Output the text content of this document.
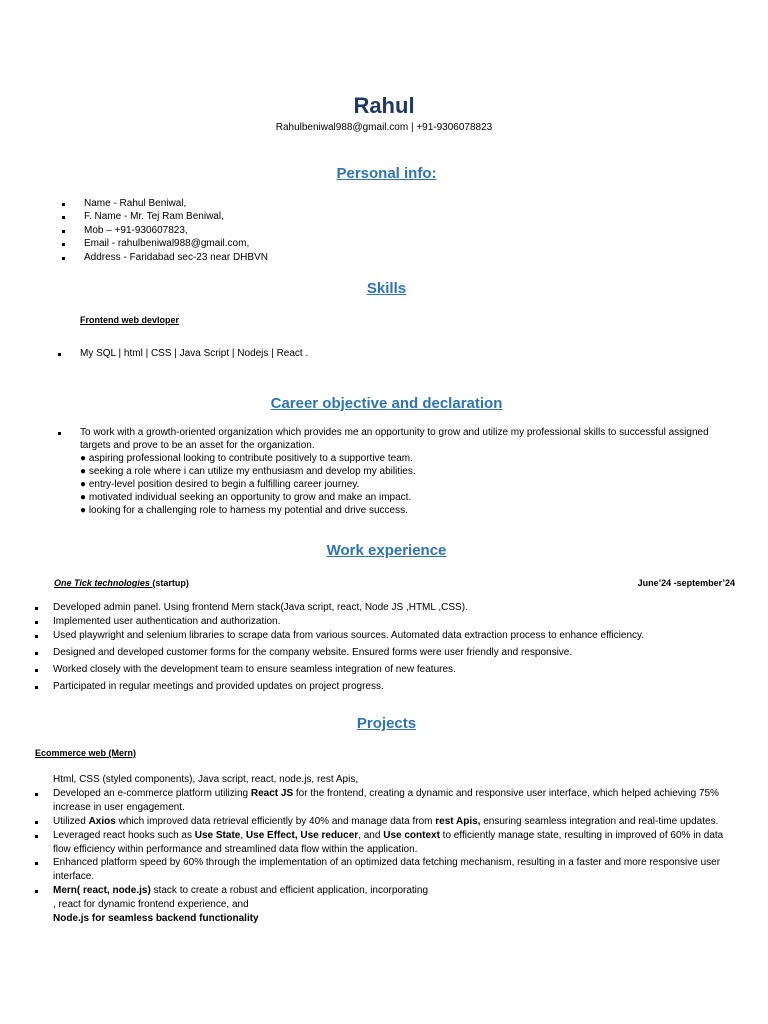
Rahul
Rahulbeniwal988@gmail.com | +91-9306078823
Personal info:
Name - Rahul Beniwal,
F. Name - Mr. Tej Ram Beniwal,
Mob – +91-930607823,
Email - rahulbeniwal988@gmail.com,
Address - Faridabad sec-23 near DHBVN
Skills
Frontend web devloper
My SQL | html | CSS | Java Script | Nodejs | React .
Career objective and declaration
To work with a growth-oriented organization which provides me an opportunity to grow and utilize my professional skills to successful assigned
targets and prove to be an asset for the organization.
● aspiring professional looking to contribute positively to a supportive team.
● seeking a role where i can utilize my enthusiasm and develop my abilities.
● entry-level position desired to begin a fulfilling career journey.
● motivated individual seeking an opportunity to grow and make an impact.
● looking for a challenging role to harness my potential and drive success.
Work experience
One Tick technologies (startup)	June’24 -september’24
Developed admin panel. Using frontend Mern stack(Java script, react, Node JS ,HTML ,CSS).
Implemented user authentication and authorization.
Used playwright and selenium libraries to scrape data from various sources. Automated data extraction process to enhance efficiency.
Designed and developed customer forms for the company website. Ensured forms were user friendly and responsive.
Worked closely with the development team to ensure seamless integration of new features.
Participated in regular meetings and provided updates on project progress.
Projects
Ecommerce web (Mern)
Html, CSS (styled components), Java script, react, node.js, rest Apis,
Developed an e-commerce platform utilizing React JS for the frontend, creating a dynamic and responsive user interface, which helped achieving 75%
increase in user engagement.
Utilized Axios which improved data retrieval efficiently by 40% and manage data from rest Apis, ensuring seamless integration and real-time updates.
Leveraged react hooks such as Use State, Use Effect, Use reducer, and Use context to efficiently manage state, resulting in improved of 60% in data
flow efficiency within performance and streamlined data flow within the application.
Enhanced platform speed by 60% through the implementation of an optimized data fetching mechanism, resulting in a faster and more responsive user
interface.
Mern( react, node.js) stack to create a robust and efficient application, incorporating
, react for dynamic frontend experience, and
Node.js for seamless backend functionality
